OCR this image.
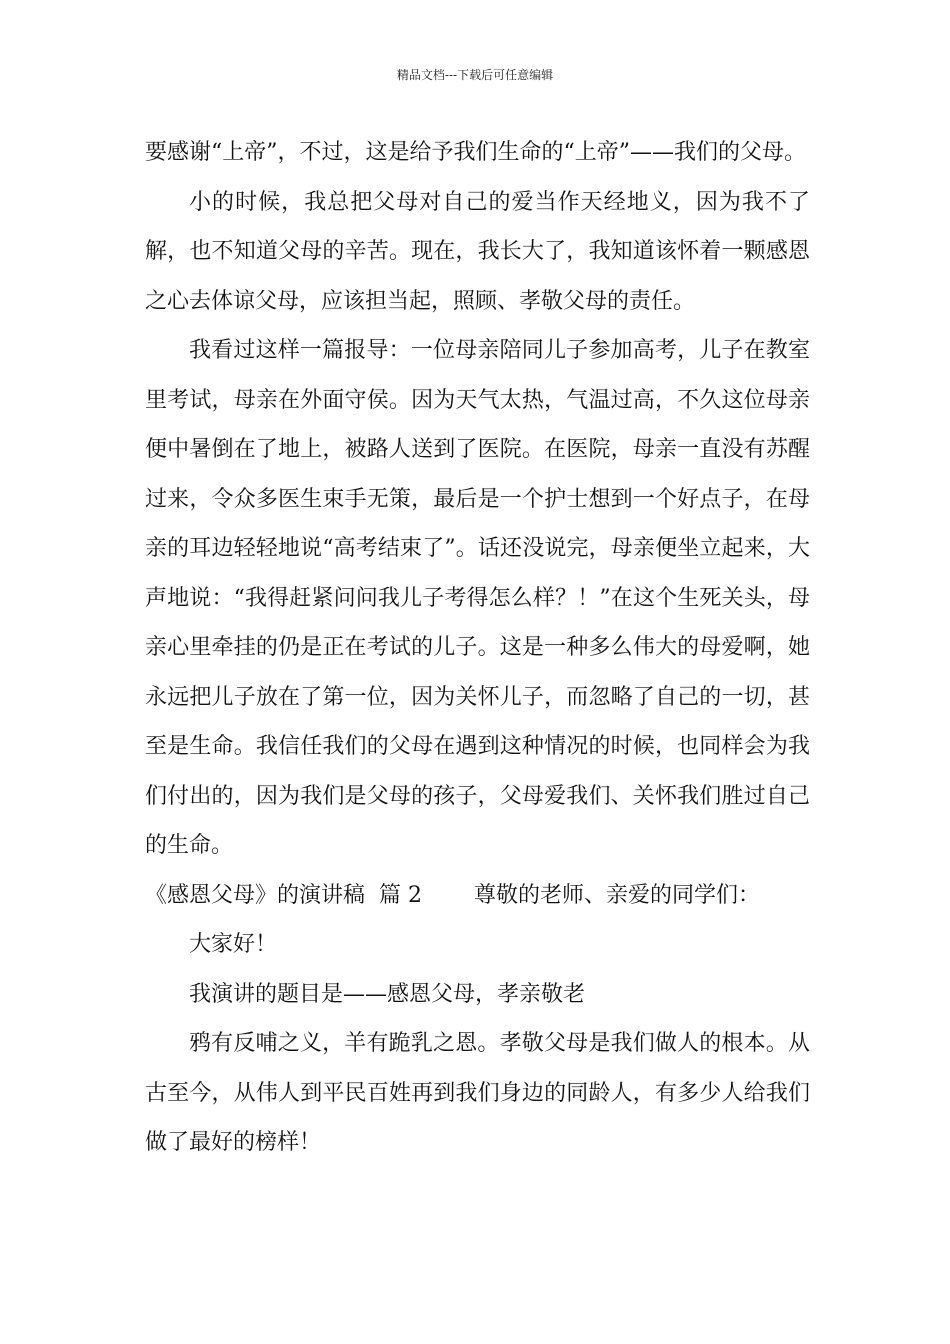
精品文档---下载后可任意编辑

要感谢“上帝”，不过，这是给予我们生命的“上帝”——我们的父母。

小的时候，我总把父母对自己的爱当作天经地义，因为我不了解，也不知道父母的辛苦。现在，我长大了，我知道该怀着一颗感恩之心去体谅父母，应该担当起，照顾、孝敬父母的责任。

我看过这样一篇报导：一位母亲陪同儿子参加高考，儿子在教室里考试，母亲在外面守侯。因为天气太热，气温过高，不久这位母亲便中暑倒在了地上，被路人送到了医院。在医院，母亲一直没有苏醒过来，令众多医生束手无策，最后是一个护士想到一个好点子，在母亲的耳边轻轻地说“高考结束了”。话还没说完，母亲便坐立起来，大声地说：“我得赶紧问问我儿子考得怎么样？！”在这个生死关头，母亲心里牵挂的仍是正在考试的儿子。这是一种多么伟大的母爱啊，她永远把儿子放在了第一位，因为关怀儿子，而忽略了自己的一切，甚至是生命。我信任我们的父母在遇到这种情况的时候，也同样会为我们付出的，因为我们是父母的孩子，父母爱我们、关怀我们胜过自己的生命。

《感恩父母》的演讲稿 篇 2 尊敬的老师、亲爱的同学们：

大家好！

我演讲的题目是——感恩父母，孝亲敬老

鸦有反哺之义，羊有跪乳之恩。孝敬父母是我们做人的根本。从古至今，从伟人到平民百姓再到我们身边的同龄人，有多少人给我们做了最好的榜样！
